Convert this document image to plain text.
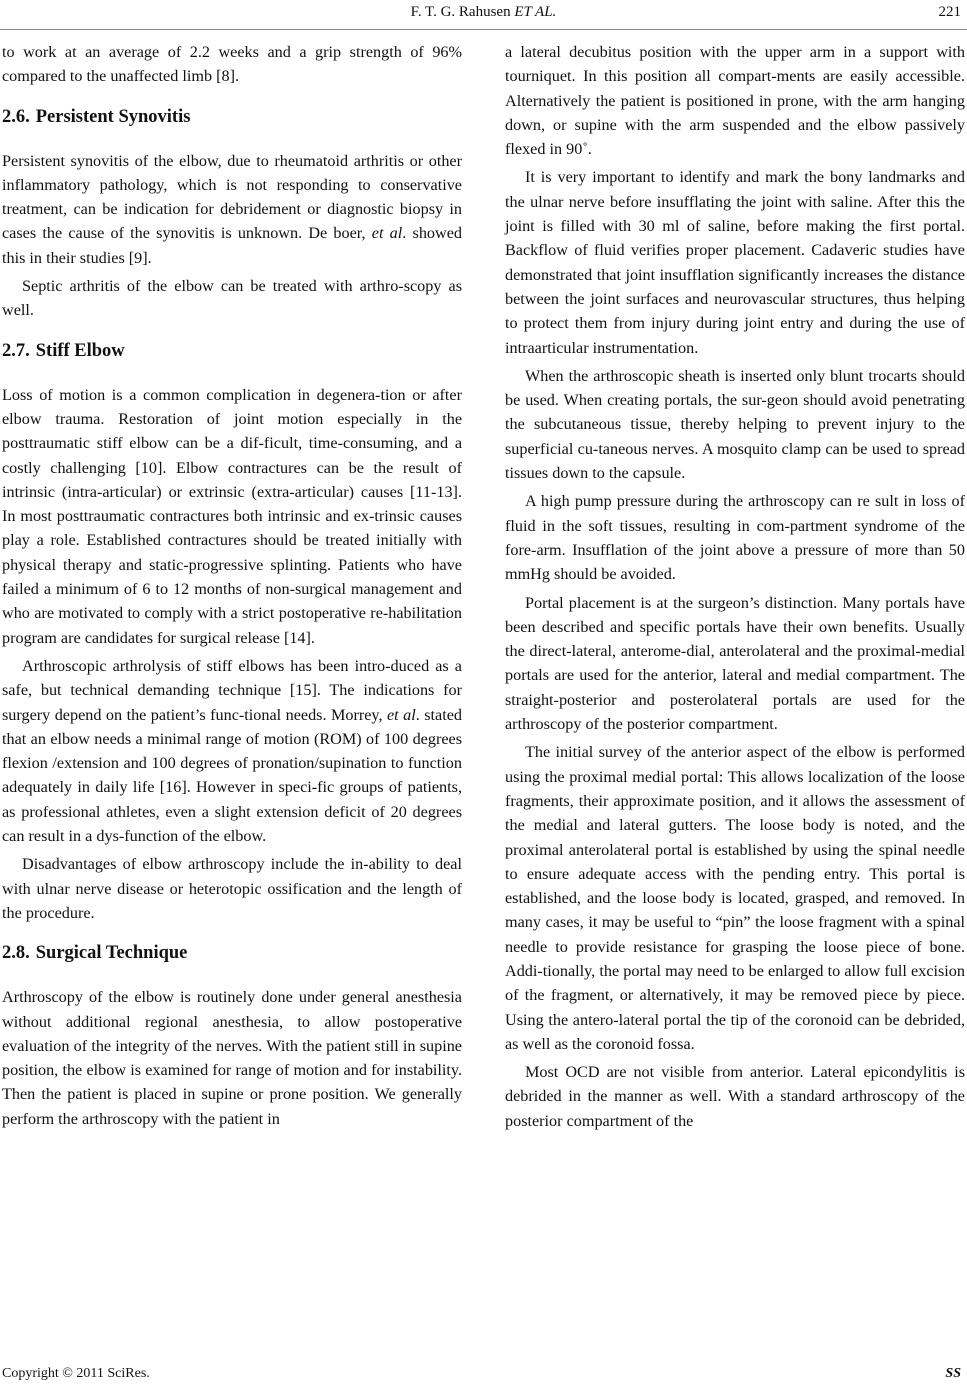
F. T. G. Rahusen ET AL.	221

to work at an average of 2.2 weeks and a grip strength of 96% compared to the unaffected limb [8].

2.6. Persistent Synovitis

Persistent synovitis of the elbow, due to rheumatoid arthritis or other inflammatory pathology, which is not responding to conservative treatment, can be indication for debridement or diagnostic biopsy in cases the cause of the synovitis is unknown. De boer, et al. showed this in their studies [9].

Septic arthritis of the elbow can be treated with arthro-scopy as well.

2.7. Stiff Elbow

Loss of motion is a common complication in degenera-tion or after elbow trauma. Restoration of joint motion especially in the posttraumatic stiff elbow can be a dif-ficult, time-consuming, and a costly challenging [10]. Elbow contractures can be the result of intrinsic (intra-articular) or extrinsic (extra-articular) causes [11-13]. In most posttraumatic contractures both intrinsic and ex-trinsic causes play a role. Established contractures should be treated initially with physical therapy and static-progressive splinting. Patients who have failed a minimum of 6 to 12 months of non-surgical management and who are motivated to comply with a strict postoperative re-habilitation program are candidates for surgical release [14].

Arthroscopic arthrolysis of stiff elbows has been intro-duced as a safe, but technical demanding technique [15]. The indications for surgery depend on the patient’s func-tional needs. Morrey, et al. stated that an elbow needs a minimal range of motion (ROM) of 100 degrees flexion /extension and 100 degrees of pronation/supination to function adequately in daily life [16]. However in speci-fic groups of patients, as professional athletes, even a slight extension deficit of 20 degrees can result in a dys-function of the elbow.

Disadvantages of elbow arthroscopy include the in-ability to deal with ulnar nerve disease or heterotopic ossification and the length of the procedure.

2.8. Surgical Technique

Arthroscopy of the elbow is routinely done under general anesthesia without additional regional anesthesia, to allow postoperative evaluation of the integrity of the nerves. With the patient still in supine position, the elbow is examined for range of motion and for instability. Then the patient is placed in supine or prone position. We generally perform the arthroscopy with the patient in

a lateral decubitus position with the upper arm in a support with tourniquet. In this position all compart-ments are easily accessible. Alternatively the patient is positioned in prone, with the arm hanging down, or supine with the arm suspended and the elbow passively flexed in 90˚.

It is very important to identify and mark the bony landmarks and the ulnar nerve before insufflating the joint with saline. After this the joint is filled with 30 ml of saline, before making the first portal. Backflow of fluid verifies proper placement. Cadaveric studies have demonstrated that joint insufflation significantly increases the distance between the joint surfaces and neurovascular structures, thus helping to protect them from injury during joint entry and during the use of intraarticular instrumentation.

When the arthroscopic sheath is inserted only blunt trocarts should be used. When creating portals, the sur-geon should avoid penetrating the subcutaneous tissue, thereby helping to prevent injury to the superficial cu-taneous nerves. A mosquito clamp can be used to spread tissues down to the capsule.

A high pump pressure during the arthroscopy can re sult in loss of fluid in the soft tissues, resulting in com-partment syndrome of the fore-arm. Insufflation of the joint above a pressure of more than 50 mmHg should be avoided.

Portal placement is at the surgeon’s distinction. Many portals have been described and specific portals have their own benefits. Usually the direct-lateral, anterome-dial, anterolateral and the proximal-medial portals are used for the anterior, lateral and medial compartment. The straight-posterior and posterolateral portals are used for the arthroscopy of the posterior compartment.

The initial survey of the anterior aspect of the elbow is performed using the proximal medial portal: This allows localization of the loose fragments, their approximate position, and it allows the assessment of the medial and lateral gutters. The loose body is noted, and the proximal anterolateral portal is established by using the spinal needle to ensure adequate access with the pending entry. This portal is established, and the loose body is located, grasped, and removed. In many cases, it may be useful to “pin” the loose fragment with a spinal needle to provide resistance for grasping the loose piece of bone. Addi-tionally, the portal may need to be enlarged to allow full excision of the fragment, or alternatively, it may be removed piece by piece. Using the antero-lateral portal the tip of the coronoid can be debrided, as well as the coronoid fossa.

Most OCD are not visible from anterior. Lateral epicondylitis is debrided in the manner as well. With a standard arthroscopy of the posterior compartment of the

Copyright © 2011 SciRes.	SS
